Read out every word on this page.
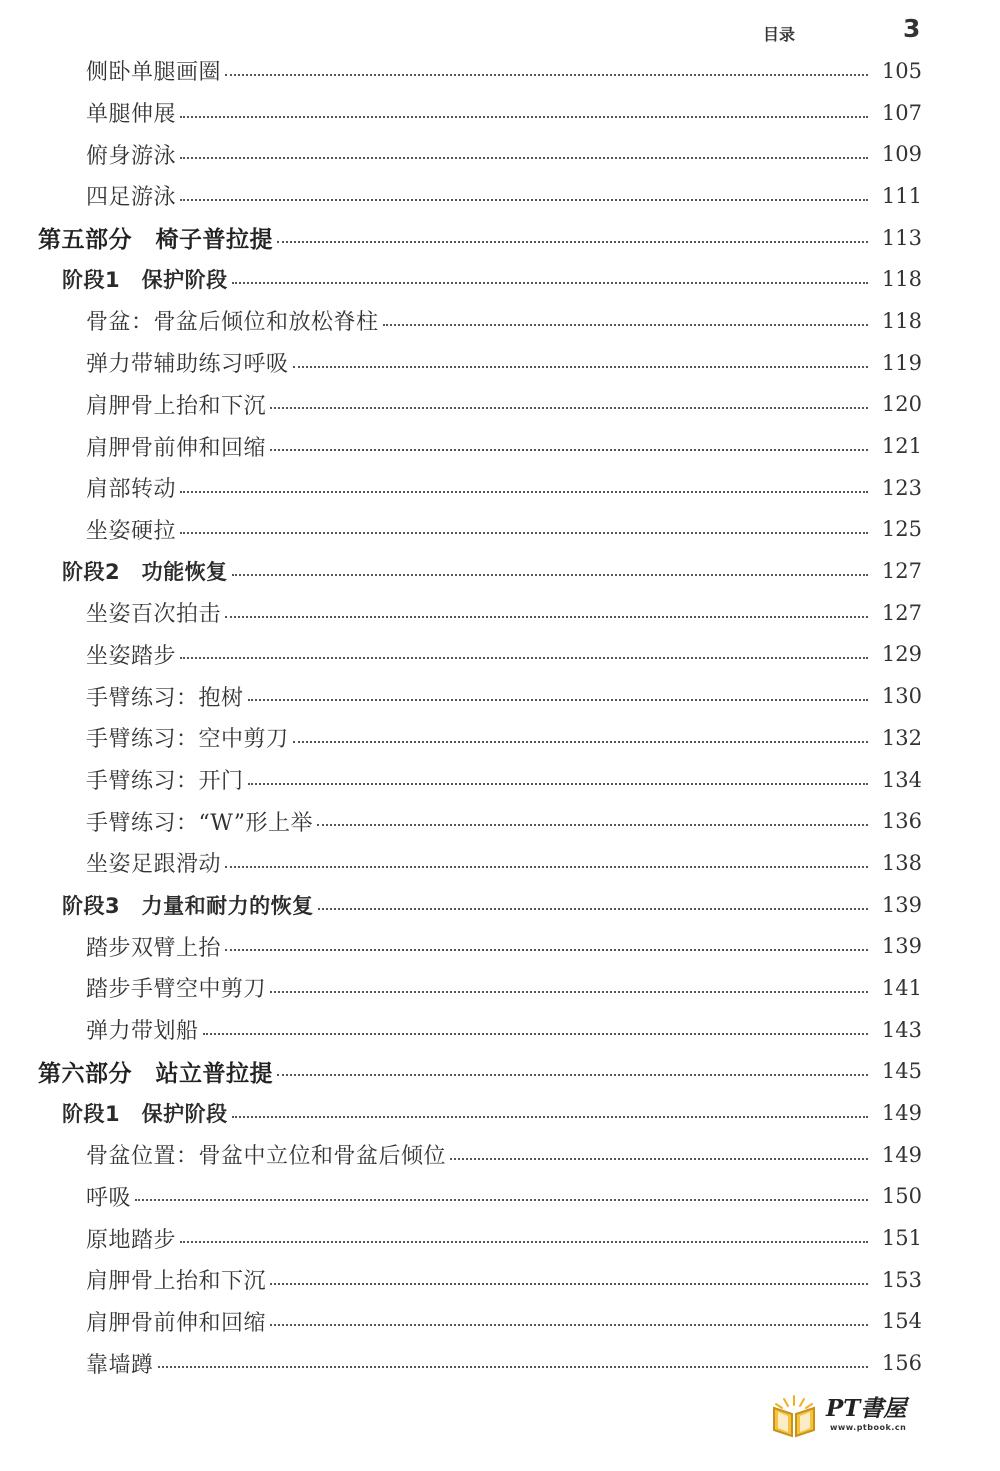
目录	3
侧卧单腿画圈	105
单腿伸展	107
俯身游泳	109
四足游泳	111
第五部分　椅子普拉提	113
阶段1　保护阶段	118
骨盆：骨盆后倾位和放松脊柱	118
弹力带辅助练习呼吸	119
肩胛骨上抬和下沉	120
肩胛骨前伸和回缩	121
肩部转动	123
坐姿硬拉	125
阶段2　功能恢复	127
坐姿百次拍击	127
坐姿踏步	129
手臂练习：抱树	130
手臂练习：空中剪刀	132
手臂练习：开门	134
手臂练习：“W”形上举	136
坐姿足跟滑动	138
阶段3　力量和耐力的恢复	139
踏步双臂上抬	139
踏步手臂空中剪刀	141
弹力带划船	143
第六部分　站立普拉提	145
阶段1　保护阶段	149
骨盆位置：骨盆中立位和骨盆后倾位	149
呼吸	150
原地踏步	151
肩胛骨上抬和下沉	153
肩胛骨前伸和回缩	154
靠墙蹲	156
PT書屋
www.ptbook.cn
